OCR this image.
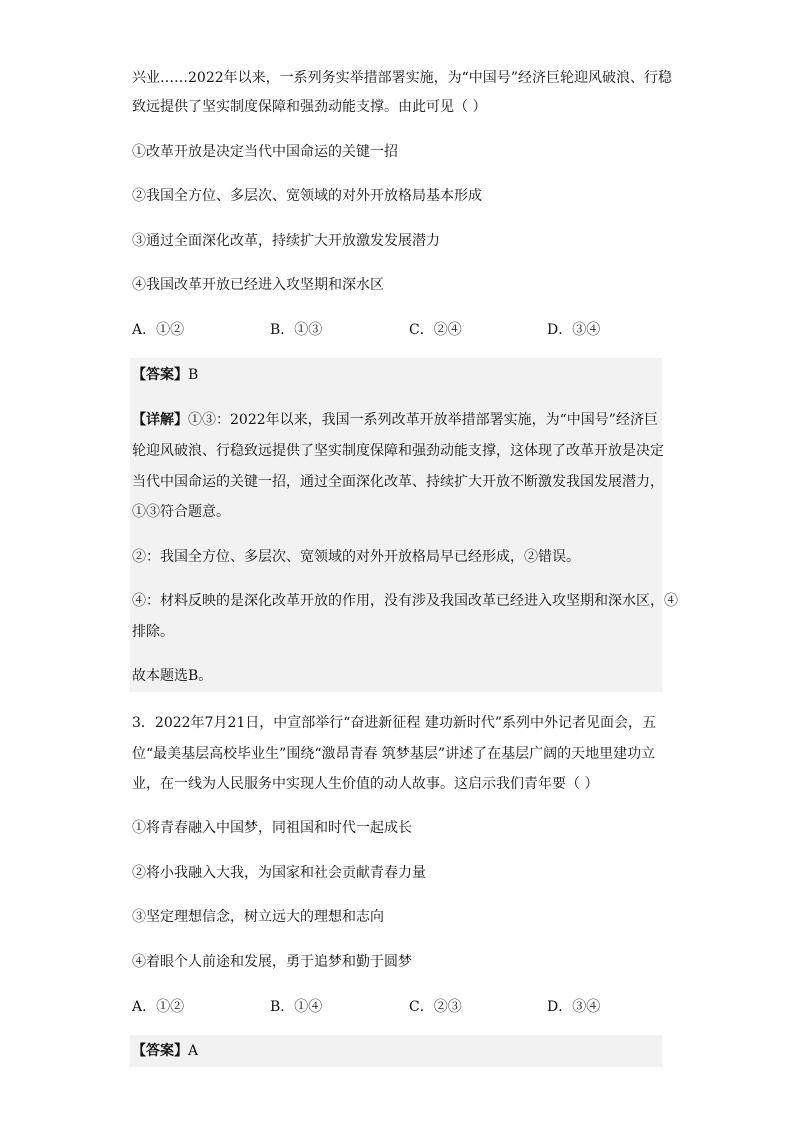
兴业……2022年以来，一系列务实举措部署实施，为“中国号”经济巨轮迎风破浪、行稳
致远提供了坚实制度保障和强劲动能支撑。由此可见（ ）
①改革开放是决定当代中国命运的关键一招
②我国全方位、多层次、宽领域的对外开放格局基本形成
③通过全面深化改革，持续扩大开放激发发展潜力
④我国改革开放已经进入攻坚期和深水区
A．①②	B．①③	C．②④	D．③④
【答案】B
【详解】①③：2022年以来，我国一系列改革开放举措部署实施，为“中国号”经济巨
轮迎风破浪、行稳致远提供了坚实制度保障和强劲动能支撑，这体现了改革开放是决定
当代中国命运的关键一招，通过全面深化改革、持续扩大开放不断激发我国发展潜力，
①③符合题意。
②：我国全方位、多层次、宽领域的对外开放格局早已经形成，②错误。
④：材料反映的是深化改革开放的作用，没有涉及我国改革已经进入攻坚期和深水区，④
排除。
故本题选B。
3．2022年7月21日，中宣部举行“奋进新征程 建功新时代”系列中外记者见面会，五
位“最美基层高校毕业生”围绕“激昂青春 筑梦基层”讲述了在基层广阔的天地里建功立
业，在一线为人民服务中实现人生价值的动人故事。这启示我们青年要（ ）
①将青春融入中国梦，同祖国和时代一起成长
②将小我融入大我，为国家和社会贡献青春力量
③坚定理想信念，树立远大的理想和志向
④着眼个人前途和发展，勇于追梦和勤于圆梦
A．①②	B．①④	C．②③	D．③④
【答案】A
